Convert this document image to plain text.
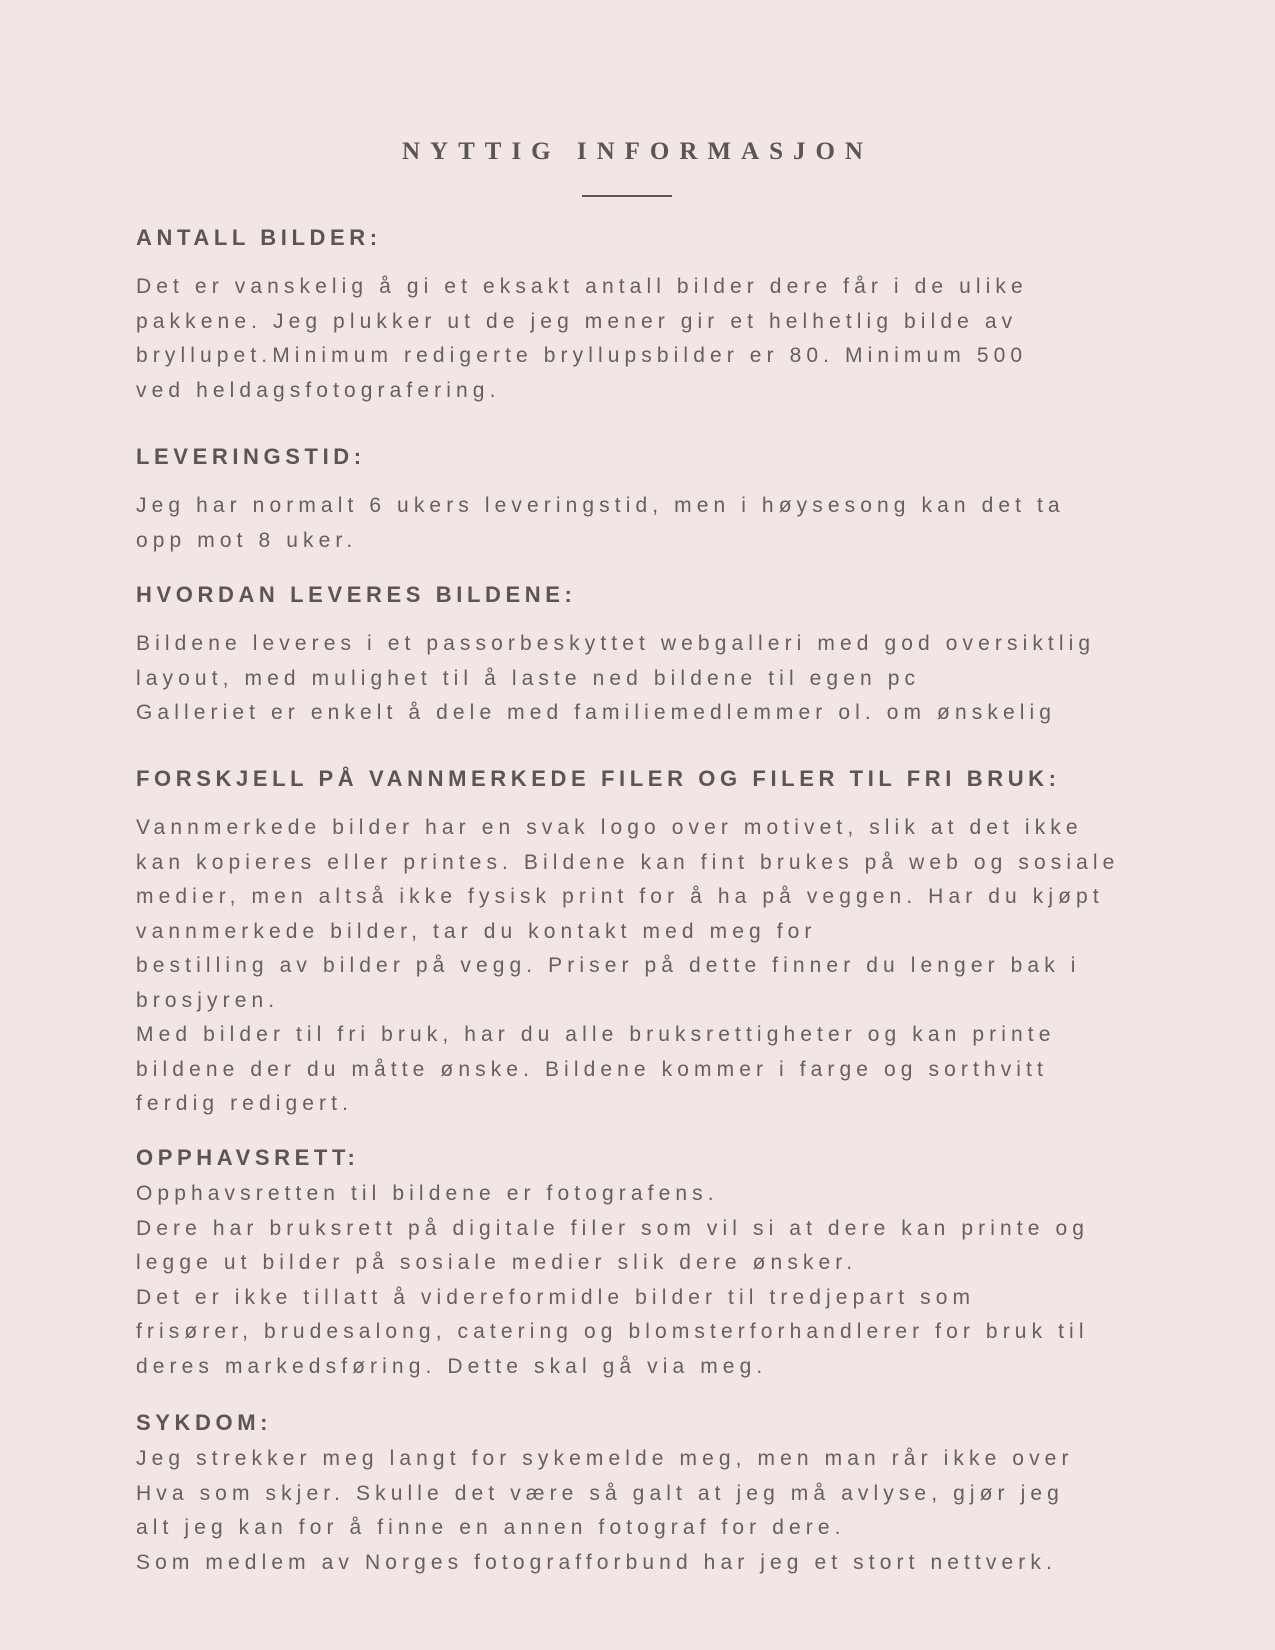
NYTTIG INFORMASJON
ANTALL BILDER:

Det er vanskelig å gi et eksakt antall bilder dere får i de ulike
pakkene. Jeg plukker ut de jeg mener gir et helhetlig bilde av
bryllupet.Minimum redigerte bryllupsbilder er 80. Minimum 500
ved heldagsfotografering.

LEVERINGSTID:

Jeg har normalt 6 ukers leveringstid, men i høysesong kan det ta
opp mot 8 uker.

HVORDAN LEVERES BILDENE:

Bildene leveres i et passorbeskyttet webgalleri med god oversiktlig
layout, med mulighet til å laste ned bildene til egen pc
Galleriet er enkelt å dele med familiemedlemmer ol. om ønskelig

FORSKJELL PÅ VANNMERKEDE FILER OG FILER TIL FRI BRUK:

Vannmerkede bilder har en svak logo over motivet, slik at det ikke
kan kopieres eller printes. Bildene kan fint brukes på web og sosiale
medier, men altså ikke fysisk print for å ha på veggen. Har du kjøpt
vannmerkede bilder, tar du kontakt med meg for
bestilling av bilder på vegg. Priser på dette finner du lenger bak i
brosjyren.
Med bilder til fri bruk, har du alle bruksrettigheter og kan printe
bildene der du måtte ønske. Bildene kommer i farge og sorthvitt
ferdig redigert.

OPPHAVSRETT:

Opphavsretten til bildene er fotografens.
Dere har bruksrett på digitale filer som vil si at dere kan printe og
legge ut bilder på sosiale medier slik dere ønsker.
Det er ikke tillatt å videreformidle bilder til tredjepart som
frisører, brudesalong, catering og blomsterforhandlerer for bruk til
deres markedsføring. Dette skal gå via meg.

SYKDOM:

Jeg strekker meg langt for sykemelde meg, men man rår ikke over
Hva som skjer. Skulle det være så galt at jeg må avlyse, gjør jeg
alt jeg kan for å finne en annen fotograf for dere.
Som medlem av Norges fotografforbund har jeg et stort nettverk.
